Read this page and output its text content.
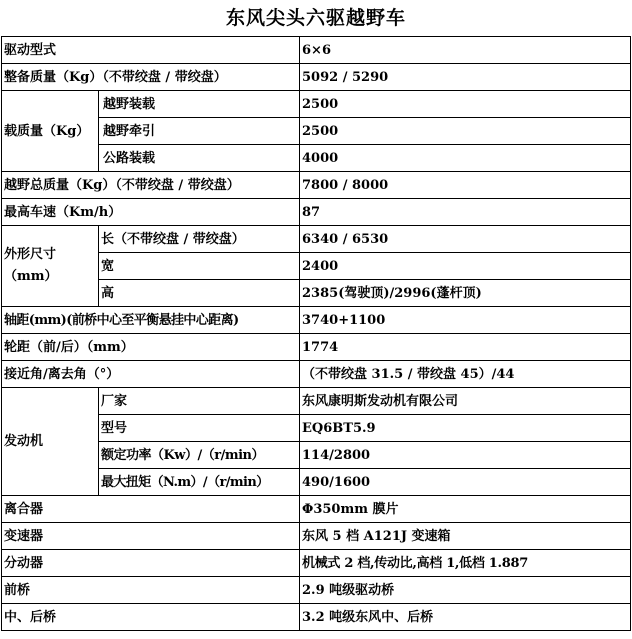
东风尖头六驱越野车
驱动型式		6×6
整备质量（Kg）（不带绞盘 / 带绞盘）		5092 / 5290
载质量（Kg）	越野装载	2500
	越野牵引	2500
	公路装载	4000
越野总质量（Kg）（不带绞盘 / 带绞盘）		7800 / 8000
最高车速（Km/h）		87
外形尺寸（mm）	长（不带绞盘 / 带绞盘）	6340 / 6530
	宽	2400
	高	2385(驾驶顶)/2996(蓬杆顶)
轴距(mm)(前桥中心至平衡悬挂中心距离)		3740+1100
轮距（前/后）（mm）		1774
接近角/离去角（°）		（不带绞盘 31.5 / 带绞盘 45）/44
发动机	厂家	东风康明斯发动机有限公司
	型号	EQ6BT5.9
	额定功率（Kw）/（r/min）	114/2800
	最大扭矩（N.m）/（r/min）	490/1600
离合器		Φ350mm 膜片
变速器		东风 5 档 A121J 变速箱
分动器		机械式 2 档,传动比,高档 1,低档 1.887
前桥		2.9 吨级驱动桥
中、后桥		3.2 吨级东风中、后桥
